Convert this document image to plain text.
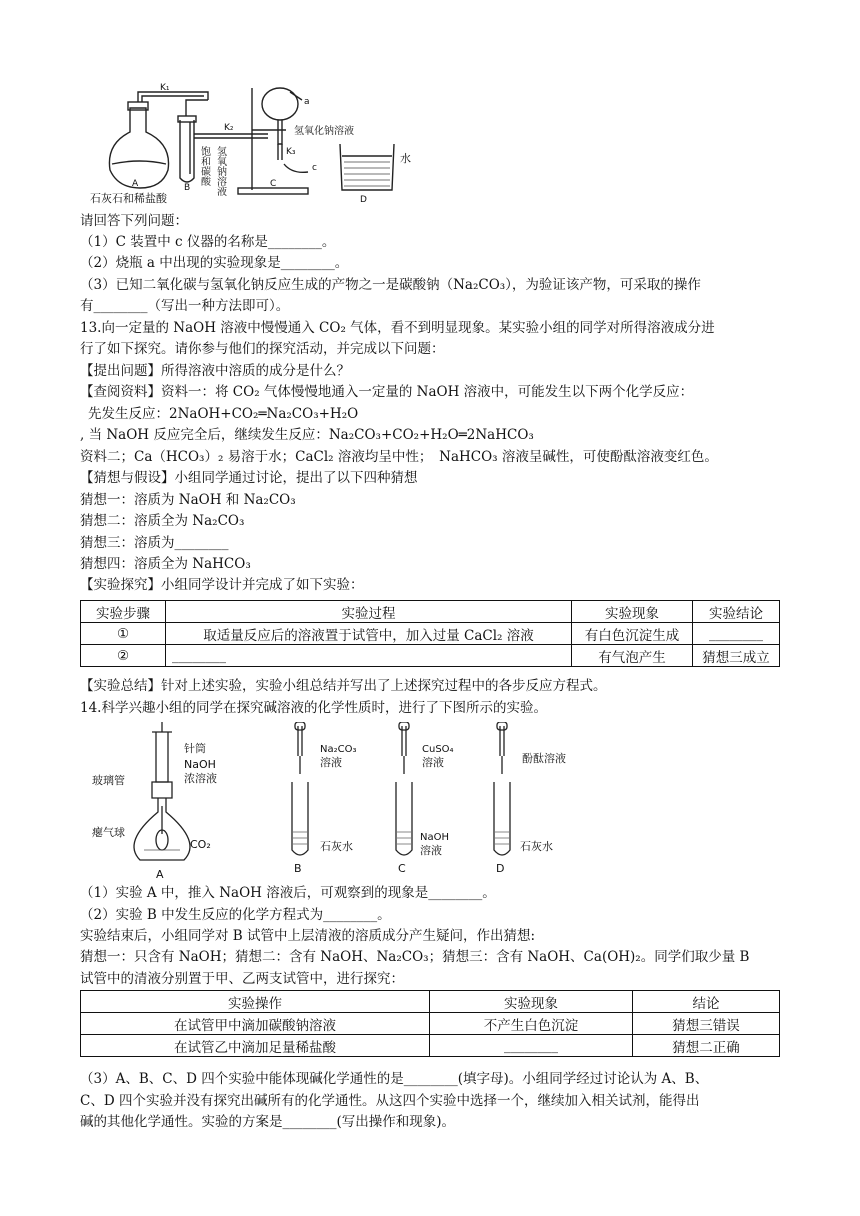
K₁
K₂
K₃
a
c
氢氧化钠溶液
水
饱和碳酸 氢氧钠溶液
A	B	C
D
石灰石和稀盐酸
请回答下列问题：
（1）C 装置中 c 仪器的名称是________。
（2）烧瓶 a 中出现的实验现象是________。
（3）已知二氧化碳与氢氧化钠反应生成的产物之一是碳酸钠（Na₂CO₃），为验证该产物，可采取的操作
有________（写出一种方法即可）。
13.向一定量的 NaOH 溶液中慢慢通入 CO₂ 气体，看不到明显现象。某实验小组的同学对所得溶液成分进
行了如下探究。请你参与他们的探究活动，并完成以下问题：
【提出问题】所得溶液中溶质的成分是什么？
【查阅资料】资料一：将 CO₂ 气体慢慢地通入一定量的 NaOH 溶液中，可能发生以下两个化学反应：
先发生反应：2NaOH+CO₂═Na₂CO₃+H₂O
, 当 NaOH 反应完全后，继续发生反应：Na₂CO₃+CO₂+H₂O═2NaHCO₃
资料二；Ca（HCO₃）₂ 易溶于水；CaCl₂ 溶液均呈中性；　NaHCO₃ 溶液呈碱性，可使酚酞溶液变红色。
【猜想与假设】小组同学通过讨论，提出了以下四种猜想
猜想一：溶质为 NaOH 和 Na₂CO₃
猜想二：溶质全为 Na₂CO₃
猜想三：溶质为________
猜想四：溶质全为 NaHCO₃
【实验探究】小组同学设计并完成了如下实验：
实验步骤	实验过程	实验现象	实验结论
①	取适量反应后的溶液置于试管中，加入过量 CaCl₂ 溶液	有白色沉淀生成	________
②	________	有气泡产生	猜想三成立
【实验总结】针对上述实验，实验小组总结并写出了上述探究过程中的各步反应方程式。
14.科学兴趣小组的同学在探究碱溶液的化学性质时，进行了下图所示的实验。
针筒
NaOH
浓溶液
玻璃管
瘪气球
CO₂
A
Na₂CO₃
溶液
石灰水
B
CuSO₄
溶液
NaOH
溶液
C
酚酞溶液
石灰水
D
（1）实验 A 中，推入 NaOH 溶液后，可观察到的现象是________。
（2）实验 B 中发生反应的化学方程式为________。
实验结束后，小组同学对 B 试管中上层清液的溶质成分产生疑问，作出猜想:
猜想一：只含有 NaOH；猜想二：含有 NaOH、Na₂CO₃；猜想三：含有 NaOH、Ca(OH)₂。同学们取少量 B
试管中的清液分别置于甲、乙两支试管中，进行探究：
实验操作	实验现象	结论
在试管甲中滴加碳酸钠溶液	不产生白色沉淀	猜想三错误
在试管乙中滴加足量稀盐酸	________	猜想二正确
（3）A、B、C、D 四个实验中能体现碱化学通性的是________(填字母)。小组同学经过讨论认为 A、B、
C、D 四个实验并没有探究出碱所有的化学通性。从这四个实验中选择一个，继续加入相关试剂，能得出
碱的其他化学通性。实验的方案是________(写出操作和现象)。
